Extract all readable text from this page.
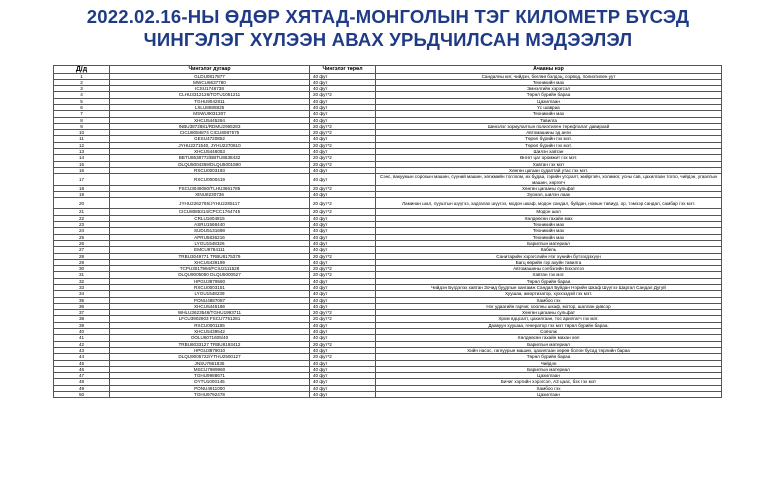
2022.02.16-НЫ ӨДӨР ХЯТАД-МОНГОЛЫН ТЭГ КИЛОМЕТР БҮСЭД
ЧИНГЭЛЭГ ХҮЛЭЭН АВАХ УРЬДЧИЛСАН МЭДЭЭЛЭЛ
Д/д	Чингэлэг дугаар	Чингэлэг төрөл	Ачааны нэр
1	GLDU0817877	40 фут	Сандалны кит, чийдэн, бөглөө бэлдэц, сорвод, полиэтилен уут
2	MWCU6637780	40 фут	Техникийн мах
3	ICSU1746738	40 фут	Эмнэлгийн хэрэгсэл
4	CLHU3312126/TDTU1051211	20 фут*2	Төрөл бүрийн бараа
5	TGHU9042811	40 фут	Цахилгаан
6	LXLU8685825	40 фут	Үс шавраа
7	MSWU9031307	40 фут	Техникийн мах
8	XHCU5445284	40 фут	Тавилга
9	INBU3872881/RDMU2965283	20 фут*2	Шинэлэг зориулалтын полиэтилен терефталат давирхай
10	CICU8084874 CICU8087575	20 фут*2	Автомашины эд анги
11	GESU4720852	40 фут	Төрөл бүрийн гэх мэт.
12	JYHU2271540, JYHU2270610	20 фут*2	Төрөл бүрийн гэх мэт.
13	XHCU5446053	40 фут	Шилэн хавтан
14	BBTU8638772/BBTU8638432	20 фут*2	Өнгөт цаг оромжит гэх мэт.
15	DLQU5004369/DLQU5001590	20 фут*2	Хавтан гэх мэт
16	RXCU0003193	40 фут	Хөнгөн цагаан судалтай утас гэх мэт.
17	RXCU0000419	40 фут	Сэнс, вакуумын сорохын машин, сүүний машин, хөгжмийн тоглоом, их будаа, гэрийн угсралт, жийргэвч, холимог, усны сав, цахилгаан тогоо, чийдэн, угаалгын машин, хөргөгч
18	FSCU3049050/TLHU3661785	20 фут*2	Хөнгөн цагааны сульфат
19	XINU8230736	40 фут	Зүсмэл, шилэн лаак
20	JYHU2262765/JYHU2285117	20 фут*2	Ламинан шал, лууштын шүүгээ, хадгалах шүүгээ, модон шкаф, модон сандал, буйдан, номын тавиур, ор, тэмээр сандал, самбар гэх мэт.
21	CICU8085314/CPCC1764745	20 фут*2	Модон шал
22	CRLU1604815	40 фут	Хөлдөөсөн гахайн мах
23	ASRU1568440	40 фут	Техникийн мах
24	SUDU5131698	40 фут	Техникийн мах
25	APRU5836216	40 фут	Техникийн мах
26	LYGU1548326	40 фут	Барилгын материал
27	EMCU9784111	40 фут	Кабель
28	TRBU3049771 TRBU8175379	20 фут*2	Санитарийн хэрэгслийн Нэг хүнийн бүтээгдэхүүн
29	XHCU5439199	40 фут	Багц өөрийн гэр ахуйн тавилга
30	TCPU3017994/FCIU2111528	20 фут*2	Автомашины сэлбэгийн Бэхэлгээ
31	DLQU9005050 DLQU5000527	20 фут*2	Хавтан гэх мэт.
32	HPGU3879560	40 фут	Төрөл бүрийн бараа
33	RXCU0003151	40 фут	Чийдэн Бүгдэлэх хавтан Зочид буудлын хангамж Сандал Буйдан Нэрийн Шкаф Шүүгээ Шаргал Сандал Дугуй
34	LYGU1548239	40 фут	Хуушаа, амортизатор, хуххээдэй гэх мэт.
35	PONU4887087	40 фут	Хамбоо гэх
36	XHCU5445186	40 фут	Нэг удаагийн гарчиг, хоолны шкаф, мотор, шаллан дивсэр
37	WHLU3623546/TGHU1993711	20 фут*2	Хөнгөн цагааны сульфат
38	LFCU3902903 FSCU7751281	20 фут*2	Хром ядцсалт, цахилгаан, тос арилгагч гэх мэт.
39	RXCU0001185	40 фут	Даавуун хуушаа, генератор гэх мэт төрөл бүрийн бараа.
40	XHCU5439542	40 фут	Соёолж
41	OOLU6071605/40	40 фут	Хөлдөөсөн гахайн махан хөл
42	TRBU6033127 TRBU8193412	20 фут*2	Барилгын материал
43	HPGU3879010	40 фут	Хийн насос, гагнуурын машин, цахилгаан хөрөө болон бусад төрлийн бараа
44	DLQU9005722/YTHU2500127	20 фут*2	Төрөл бүрийн бараа
45	JNSU7861835	40 фут	Чийдэн
46	MSCU7989960	40 фут	Барилгын материал
47	TGHU9988671	40 фут	Цахилгаан
48	DYTU1000145	40 фут	Бичиг хэргийн хэрэгсэл, А3 цаас, бэх гэх мэт
49	PONU4911000	40 фут	Хамбоо гэх
50	TGHU9792478	40 фут	Цахилгаан
